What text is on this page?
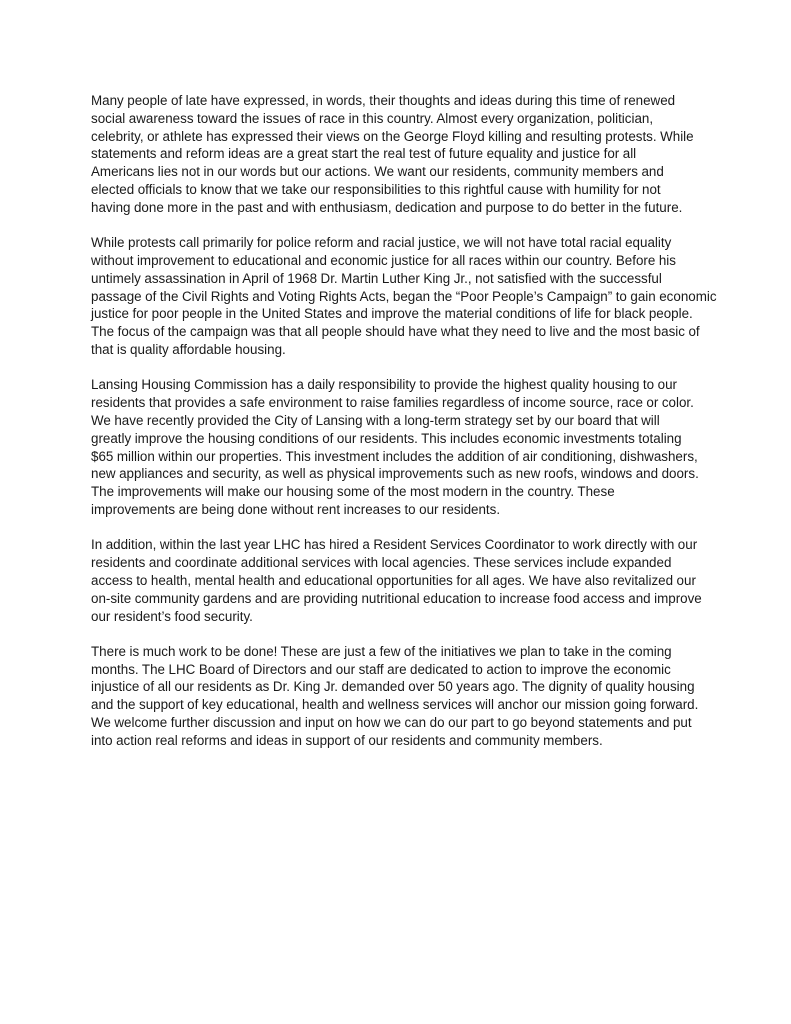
Many people of late have expressed, in words, their thoughts and ideas during this time of renewed
social awareness toward the issues of race in this country. Almost every organization, politician,
celebrity, or athlete has expressed their views on the George Floyd killing and resulting protests. While
statements and reform ideas are a great start the real test of future equality and justice for all
Americans lies not in our words but our actions. We want our residents, community members and
elected officials to know that we take our responsibilities to this rightful cause with humility for not
having done more in the past and with enthusiasm, dedication and purpose to do better in the future.

While protests call primarily for police reform and racial justice, we will not have total racial equality
without improvement to educational and economic justice for all races within our country. Before his
untimely assassination in April of 1968 Dr. Martin Luther King Jr., not satisfied with the successful
passage of the Civil Rights and Voting Rights Acts, began the “Poor People’s Campaign” to gain economic
justice for poor people in the United States and improve the material conditions of life for black people.
The focus of the campaign was that all people should have what they need to live and the most basic of
that is quality affordable housing.

Lansing Housing Commission has a daily responsibility to provide the highest quality housing to our
residents that provides a safe environment to raise families regardless of income source, race or color.
We have recently provided the City of Lansing with a long-term strategy set by our board that will
greatly improve the housing conditions of our residents. This includes economic investments totaling
$65 million within our properties. This investment includes the addition of air conditioning, dishwashers,
new appliances and security, as well as physical improvements such as new roofs, windows and doors.
The improvements will make our housing some of the most modern in the country. These
improvements are being done without rent increases to our residents.

In addition, within the last year LHC has hired a Resident Services Coordinator to work directly with our
residents and coordinate additional services with local agencies. These services include expanded
access to health, mental health and educational opportunities for all ages. We have also revitalized our
on-site community gardens and are providing nutritional education to increase food access and improve
our resident’s food security.

There is much work to be done! These are just a few of the initiatives we plan to take in the coming
months. The LHC Board of Directors and our staff are dedicated to action to improve the economic
injustice of all our residents as Dr. King Jr. demanded over 50 years ago. The dignity of quality housing
and the support of key educational, health and wellness services will anchor our mission going forward.
We welcome further discussion and input on how we can do our part to go beyond statements and put
into action real reforms and ideas in support of our residents and community members.
